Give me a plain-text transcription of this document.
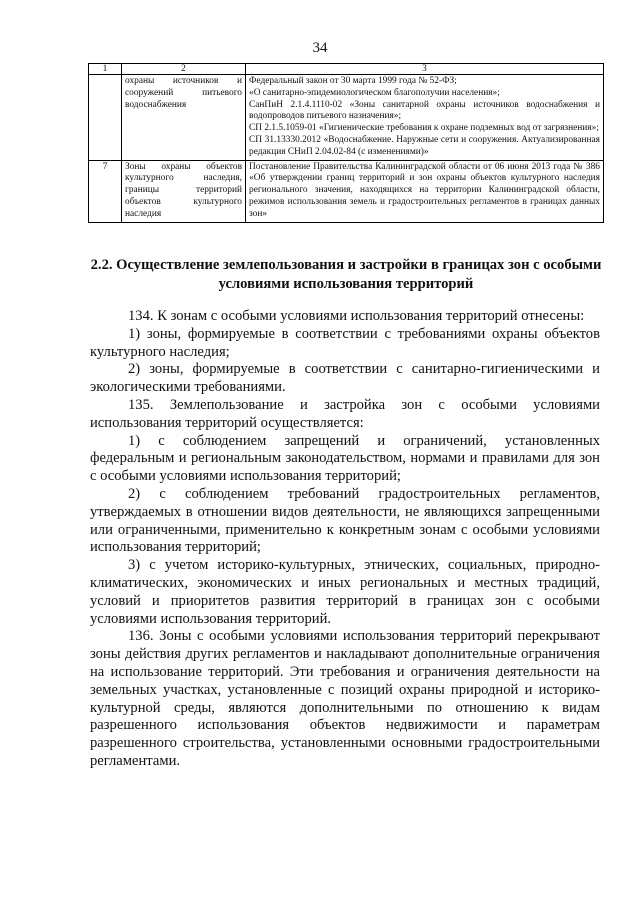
34
1	2	3
	охраны источников и сооружений питьевого водоснабжения	Федеральный закон от 30 марта 1999 года № 52-ФЗ;
«О санитарно-эпидемиологическом благополучии населения»;
СанПиН 2.1.4.1110-02 «Зоны санитарной охраны источников водоснабжения и водопроводов питьевого назначения»;
СП 2.1.5.1059-01 «Гигиенические требования к охране подземных вод от загрязнения»;
СП 31.13330.2012 «Водоснабжение. Наружные сети и сооружения. Актуализированная редакция СНиП 2.04.02-84 (с изменениями)»

7	Зоны охраны объектов культурного наследия, границы территорий объектов культурного наследия	Постановление Правительства Калининградской области от 06 июня 2013 года № 386 «Об утверждении границ территорий и зон охраны объектов культурного наследия регионального значения, находящихся на территории Калининградской области, режимов использования земель и градостроительных регламентов в границах данных зон»
2.2. Осуществление землепользования и застройки в границах зон с особыми условиями использования территорий

134. К зонам с особыми условиями использования территорий отнесены:

1) зоны, формируемые в соответствии с требованиями охраны объектов культурного наследия;

2) зоны, формируемые в соответствии с санитарно-гигиеническими и экологическими требованиями.

135. Землепользование и застройка зон с особыми условиями использования территорий осуществляется:

1) с соблюдением запрещений и ограничений, установленных федеральным и региональным законодательством, нормами и правилами для зон с особыми условиями использования территорий;

2) с соблюдением требований градостроительных регламентов, утверждаемых в отношении видов деятельности, не являющихся запрещенными или ограниченными, применительно к конкретным зонам с особыми условиями использования территорий;

3) с учетом историко-культурных, этнических, социальных, природно-климатических, экономических и иных региональных и местных традиций, условий и приоритетов развития территорий в границах зон с особыми условиями использования территорий.

136. Зоны с особыми условиями использования территорий перекрывают зоны действия других регламентов и накладывают дополнительные ограничения на использование территорий. Эти требования и ограничения деятельности на земельных участках, установленные с позиций охраны природной и историко-культурной среды, являются дополнительными по отношению к видам разрешенного использования объектов недвижимости и параметрам разрешенного строительства, установленными основными градостроительными регламентами.
